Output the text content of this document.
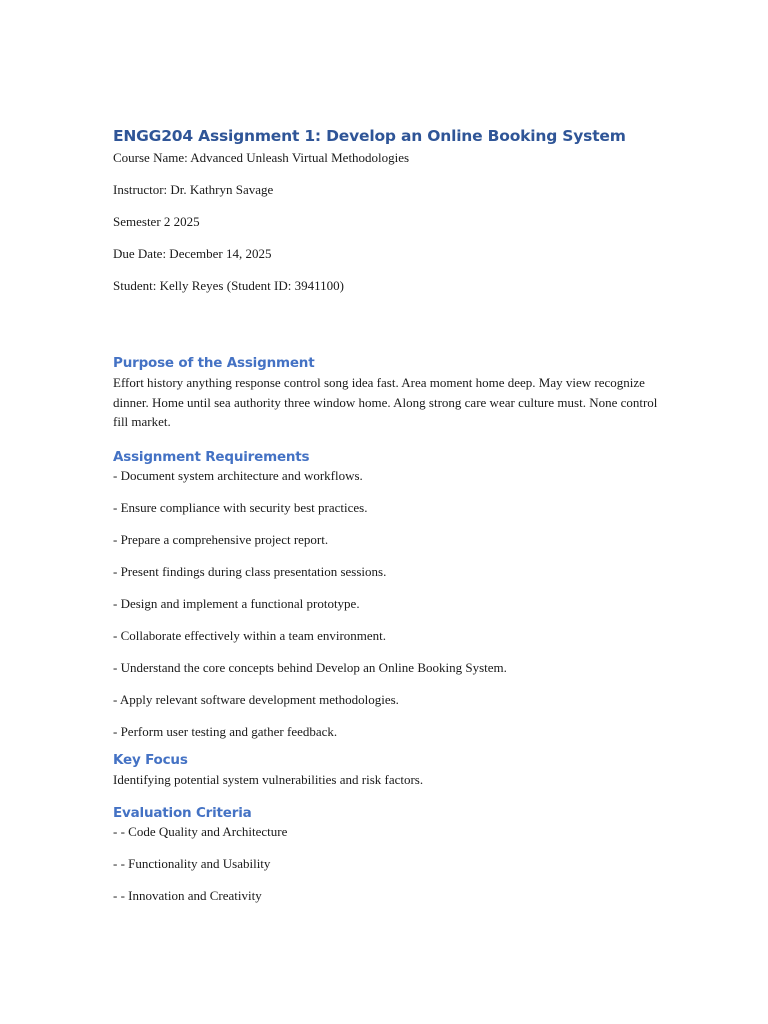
ENGG204 Assignment 1: Develop an Online Booking System

Course Name: Advanced Unleash Virtual Methodologies

Instructor: Dr. Kathryn Savage

Semester 2 2025

Due Date: December 14, 2025

Student: Kelly Reyes (Student ID: 3941100)

Purpose of the Assignment

Effort history anything response control song idea fast. Area moment home deep. May view recognize dinner. Home until sea authority three window home. Along strong care wear culture must. None control fill market.

Assignment Requirements

- Document system architecture and workflows.

- Ensure compliance with security best practices.

- Prepare a comprehensive project report.

- Present findings during class presentation sessions.

- Design and implement a functional prototype.

- Collaborate effectively within a team environment.

- Understand the core concepts behind Develop an Online Booking System.

- Apply relevant software development methodologies.

- Perform user testing and gather feedback.

Key Focus

Identifying potential system vulnerabilities and risk factors.

Evaluation Criteria

- - Code Quality and Architecture

- - Functionality and Usability

- - Innovation and Creativity
